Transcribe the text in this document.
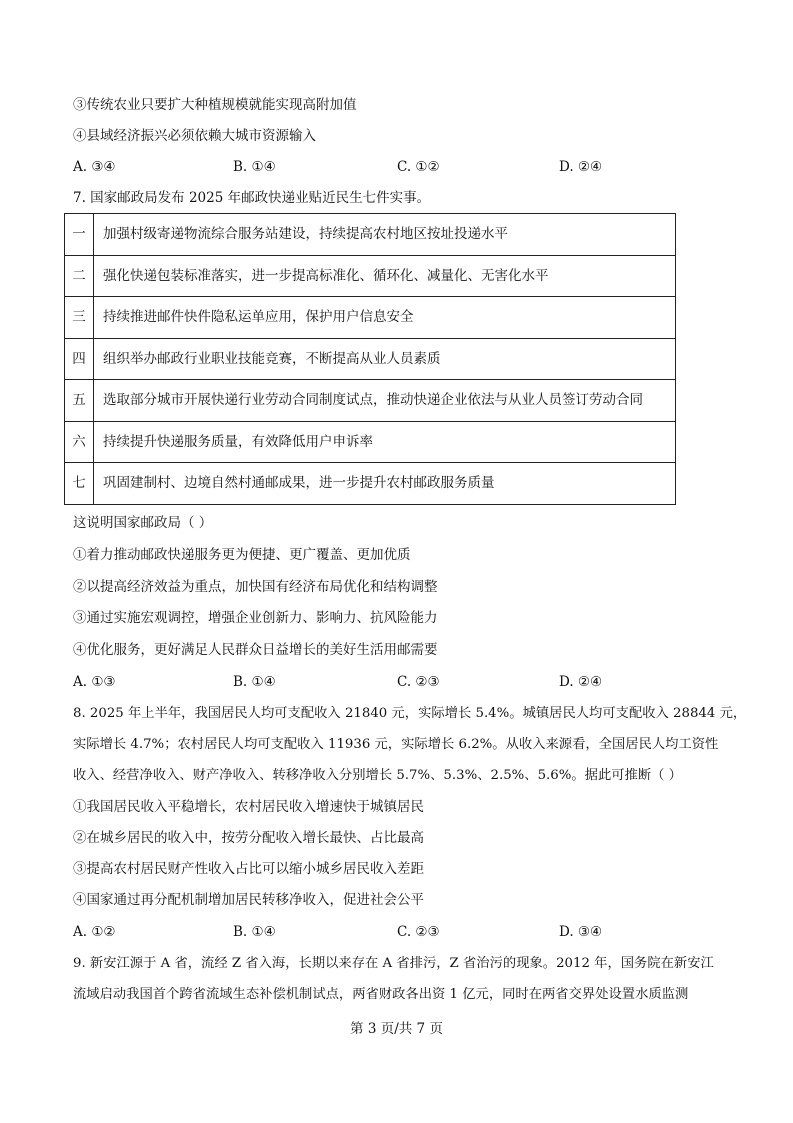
③传统农业只要扩大种植规模就能实现高附加值
④县域经济振兴必须依赖大城市资源输入
A. ③④	B. ①④	C. ①②	D. ②④
7. 国家邮政局发布 2025 年邮政快递业贴近民生七件实事。
一	加强村级寄递物流综合服务站建设，持续提高农村地区按址投递水平
二	强化快递包装标准落实，进一步提高标准化、循环化、减量化、无害化水平
三	持续推进邮件快件隐私运单应用，保护用户信息安全
四	组织举办邮政行业职业技能竞赛，不断提高从业人员素质
五	选取部分城市开展快递行业劳动合同制度试点，推动快递企业依法与从业人员签订劳动合同
六	持续提升快递服务质量，有效降低用户申诉率
七	巩固建制村、边境自然村通邮成果，进一步提升农村邮政服务质量
这说明国家邮政局（ ）
①着力推动邮政快递服务更为便捷、更广覆盖、更加优质
②以提高经济效益为重点，加快国有经济布局优化和结构调整
③通过实施宏观调控，增强企业创新力、影响力、抗风险能力
④优化服务，更好满足人民群众日益增长的美好生活用邮需要
A. ①③	B. ①④	C. ②③	D. ②④
8. 2025 年上半年，我国居民人均可支配收入 21840 元，实际增长 5.4%。城镇居民人均可支配收入 28844 元，
实际增长 4.7%；农村居民人均可支配收入 11936 元，实际增长 6.2%。从收入来源看，全国居民人均工资性
收入、经营净收入、财产净收入、转移净收入分别增长 5.7%、5.3%、2.5%、5.6%。据此可推断（ ）
①我国居民收入平稳增长，农村居民收入增速快于城镇居民
②在城乡居民的收入中，按劳分配收入增长最快、占比最高
③提高农村居民财产性收入占比可以缩小城乡居民收入差距
④国家通过再分配机制增加居民转移净收入，促进社会公平
A. ①②	B. ①④	C. ②③	D. ③④
9. 新安江源于 A 省，流经 Z 省入海，长期以来存在 A 省排污，Z 省治污的现象。2012 年，国务院在新安江
流域启动我国首个跨省流域生态补偿机制试点，两省财政各出资 1 亿元，同时在两省交界处设置水质监测
第 3 页/共 7 页
